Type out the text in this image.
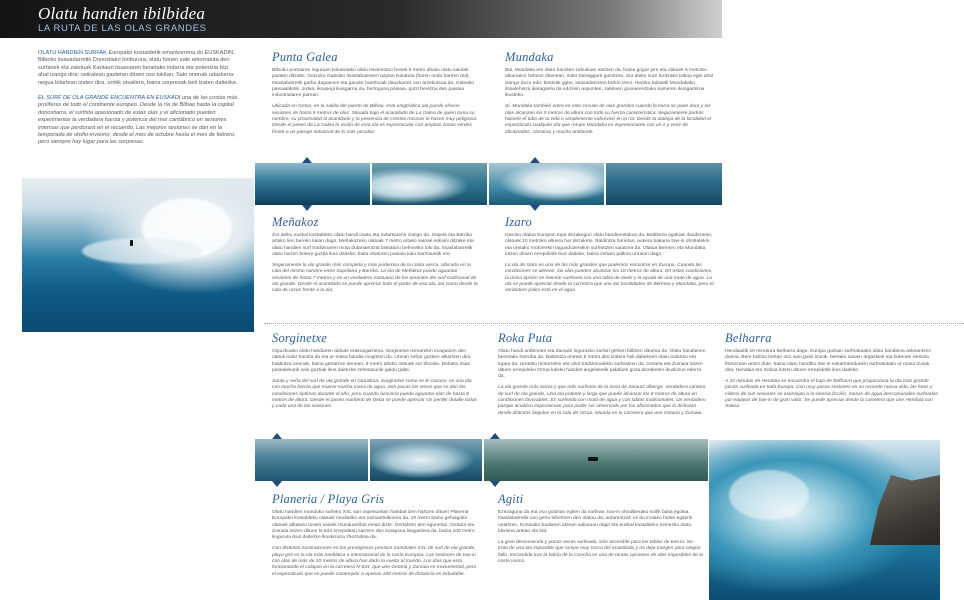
Olatu handien ibilbidea
LA RUTA DE LAS OLAS GRANDES

OLATU HANDIEN SURFAK Europako kostalderik emankorrena du EUSKADIN. Bilboko itsasadarretik Donostiako hiriburura, olatu horien zale amorratuta den surfariek eta zaletuak Kantauri itsasoaren benetako indarra eta potentzia bizi ahal izango dira; ostiralean gaztetan ditxen oso tokitan. Salo onenak udazkena-negua bitartean izaten dira, urritik otsailera, baina sorpresak beti izaten daitezke.

EL SURF DE OLA GRANDE ENCUENTRA EN EUSKADI una de las costas más prolíferas de todo el continente europeo. Desde la ría de Bilbao hasta la capital donostiarra, el surfista apasionado de estas olas y el aficionado pueden experimentar la verdadera fuerza y potencia del mar cantábrico en sesiones intensas que perdurará en el recuerdo. Las mejores sesiones se dan en la temporada de otoño-invierno, desde el mes de octubre hasta el mes de febrero, pero siempre hay lugar para las sorpresas.

Punta Galea

Bilboko portuaren inguruan kokatutako olatu misteriotsu honek 5 metro altuko olatu saiotak jasaten ditzake. Getxoko Galeako itsaslabarraren azpian kokatuta (haren ondo harrien dut). Itsaslabarretik garbu dagoenez eta gandor harritsuak dauzkanez oso arriskutsua da. Galeako paisaialdetik, ordea, ikuspegi ikusgarria du, bertoguna paisaia, gutzi beretzia den paisaia industrialaren parean.

Ubicada en Getxo, en la salida del puerto de Bilbao, esta enigmática ola puede ofrecer sesiones de hasta 5 metros de olas. Situada bajo el acantilado de La Galea de quien toma su nombre, su proximidad al acantilado y la presencia de crestas rocosas le hacen muy peligrosa. Desde el paseo de La Galea la visión de esta ola es espectacular con amplias zonas verdes frente a un paisaje industrial de lo más peculiar.

Mundaka

Bai, Mundaka ere olatu handien zirkuituan sartzen da, baina gogor jem eta olatuek 5 metroko altueraino heltzen direnean, inder beraiggarri gutxitzen. Zur aleko zure bizitzako txikoa egin ahal izango duzu edo; bestetik ggbe, itsasadarraren bizkin izeni. Herriko talaiatik Mundakako itsaslehorra ikaragarria da edozein aspunteri, zaletuen gosearentzako kameren ikusgarrikoa ikusteko.

Sí, Mundaka también entra en este circuito de olas grandes cuando la barra se pone dura y las olas alcanzan los 5 metros de altura con todo su fuerza característica. Seguramente podrás hacerle el tubo de tu vida o simplemente sobrevivir en la ría. Desde la atalaya de la localidad el espectáculo cualquier día que rompe Mundaka es impresionante con un ir y venir de aficionados, cámaras y mucho ambiente.

Meñakoz

Zur aleko euskal kostaldeko olatu handi osatu eta indartsuena izango da. Sopela eta Barrika artako lien bereko kalan dago. Meñakozeko olatuak 7 metro artako saioak eskaini ditzake eta olatu handien surf tradizioaren mota dutanaentzat bisitaturu behinetko toki da. Itsaslabarretik olatu horren botere guztia ikus daiteke, baita obaturen paisaia kaio harritsuetik ere.

Seguramente la ola grande más completa y más poderosa de la costa vasca. Ubicada en la cala del mismo nombre entre Sopelana y Barrika. La ola de Meñakoz puede aguantar sesiones de hasta 7 metros y es un verdadero santuario de los amantes del surf tradicional de ola grande. Desde el acantilado se puede apreciar todo el poder de esa ola, así como desde la cala de rocas frente a la ola.

Izaro

Izaroko olatua Europan topa dezakegun olatu handienetakoa da. Baldintza egokiak daudenean, olatuek 10 metroko altuera har dezakete. Baldintza horietan, aukera bakarra tow-in ohotiatekin eta uretako motorrekin lagunduzenekin surfeatzen saiatzea da. Olatua Bermeo eta Mundaka lotzen dituen errepidetik ikus daiteke, baina zeharo palkoa urrutian dago.

La ola de Izaro es una de las más grandes que podemos encontrar en Europa. Cuando las condiciones se alinean, las olas pueden alcanzar los 10 metros de altura. En estas condiciones, la única opción es intentar surfearla con una tabla de towin y la ayuda de una moto de agua. La ola se puede apreciar desde la carretera que une las localidades de Bermeo y Mundaka, pero el verdadero palco está en el agua.

Sorginetxe

Gipuzkoako olatu handiaren aldode erakusgarriena. Sorginetxe izenarekin ezagutzen den olatuk indar handia du eta ur-masa handia mugitzen du. Urtean zehar guztien alkartzen dira baldintza onenak, baina gertatzen denean, 8 metro altuko olatuak sor ditzake. Debako itsas pasealekutik saio guztiak ikus daitezke zehetasunik galdu gabe.

Santo y seña del surf de ola grande en Gipuzkoa. Sorginetxe como se le conoce, es una ola con mucha fuerza que mueve mucha masa de agua. Son pocas las veces que se dan las condiciones óptimas durante el año, pero cuando funciona puede aguantar olas de hasta 8 metros de altura. Desde el paseo marítimo de Deba se puede apreciar sin perder detalle todas y cada una de las sesiones.

Roka Puta

Olatu handi ardtzonea eta Zarautz ingurusko surfari gehien bilttzen dituena da. Olatu handienen benetako harroba da. Baldintza onetan 8 metro altu izatera heli daitekeen olatu indartsu eta tupea da. Uretako motorrekin eta ohol tradizionalekin surfeatzen da. Getaria eta Zumaia lotzen dituen errepideko Orrua kaisko handiet angeluketik palafuek goza dezaketen ikuskizun ederra da.

La ola grande más activa y que más surfistas de la zona de Zarautz alberga. Verdadera cantera de surf de ola grande. Una ola potente y larga que puede alcanzar los 8 metros de altura en condiciones favorables. Es surfeada con moto de agua y con tablas tradicionales. Un verdadero parque acuático espectacular para poder ser observado por los aficionados que lo disfrutan desde distintos ángulos en la cala de Orrua, situada en la carretera que une Getaria y Zumaia.

Belharra

Hendaiatik 10 minutura Belharra dago, Europa guztian surfeatutako olatu handiena askeantzen duena. Bere bizitza bertan oso saio gutxi izanik, bertako saioen argazkiek eta bideoek zientzia fikziozean antzo dute, baina olatu handiko tow-in eskarmenduekin surfeatutako ur masa tzoiak dira. Hendaia eta Sokoa lotzen dituen errepidetik ikus daiteke.

A 10 minutos de Hendaia se encuentra el bajo de Belharra que proporciona la ola más grande jamás surfeada en toda Europa. Con muy pocas sesiones en su reciente nueva vida, las fotos y vídeos de sus sesiones se asemejan a la ciencia ficción, masas de agua descomunales surfeadas por equipos de tow-in de gran valor. Se puede apreciar desde la carretera que une Hendaia con Sokoa.

Planeria / Playa Gris

Olatu handien munduko surfeko XXL sari ospetsuetan hainbat izen hartzen dituen Planeria Europako kostaldeko olatuek mediatiko eta nazioarteikoena da. 10 metro baino gehiagoko olatuek albaturu tovein saioek munduarribia eman dizte. Gertatzen den egunetan, Getaria eta Zumaia lotzen dituen N-634 errepideari sarrzen den kotapsoa lisagaitsea da, baina 100 metro lingurura ikus daitezke lkuskizuna zheztubna da.

Con distintas nominaciones en los prestigiosos premios mundiales XXL de surf de ola grande, playa gris es la ola más mediática e internacional de la costa Europea. Las sesiones de tow-in con olas de más de 10 metros de altura han dado la vuelta al mundo. Los días que esta funcionando el colapso en la carretera N-634, que une Getaria y Zumaia es monumental, pero el espectáculo que se puede contemplar a apenas 100 metros de distancia es indudable.

Agiti

Ezezaguna da eta oso gutxitan egiten da surfean, tow-in ohoolberako soilik baita egokia. Itsaslabarretik oso gertu lehertzen den olatua da; ardurentzat; ez du inolako hutse-egiterik onartzen. Kontxako badiaren atzean sakutuan dago eta euskal kostaldeko ezinezko olatu bitxiena artean ola bat.

La gran desconocida y pocas veces surfeada, solo accesible para las tablas de tow-in. Se trata de una ola imposible que rompe muy cerca del acantilado y no deja margen para ningún fallo. Escondida tras la bahía de la Concha es una de tantas opciones de olas imposibles de la costa vasca.
